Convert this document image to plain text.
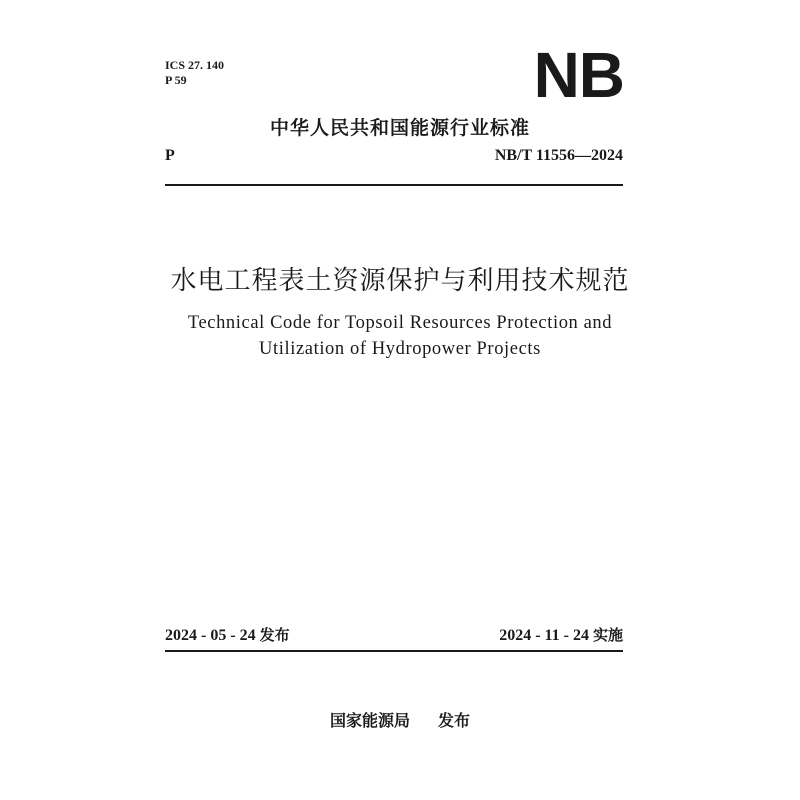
ICS 27. 140
P 59	NB
中华人民共和国能源行业标准
P	NB/T 11556—2024
水电工程表土资源保护与利用技术规范
Technical Code for Topsoil Resources Protection and
Utilization of Hydropower Projects
2024 - 05 - 24 发布	2024 - 11 - 24 实施
国家能源局 发布
